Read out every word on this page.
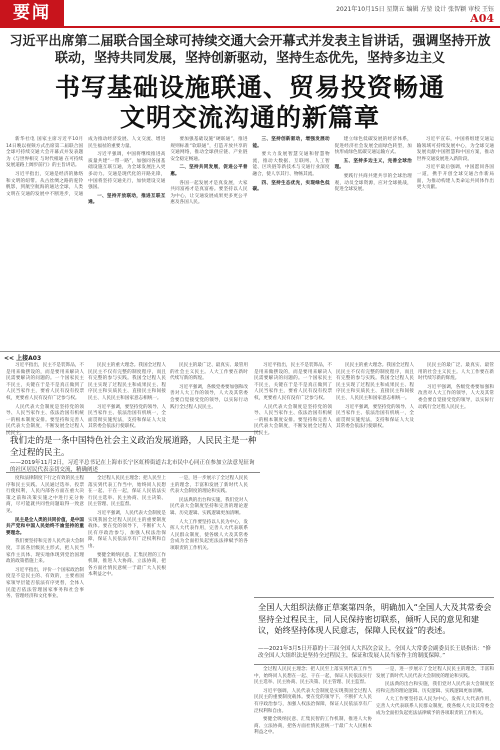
要闻	2021年10月15日 星期五 编辑 方堃 设计 张智颖 审校 王钰
A04
习近平出席第二届联合国全球可持续交通大会开幕式并发表主旨讲话，强调坚持开放联动，坚持共同发展，坚持创新驱动，坚持生态优先，坚持多边主义
书写基础设施联通、贸易投资畅通
文明交流沟通的新篇章

新华社电 国家主席习近平10月14日晚以视频方式出席第二届联合国全球可持续交通大会开幕式并发表题为《与世界相交 与时代相通 在可持续发展道路上阔步前行》的主旨讲话。

习近平指出，交通是经济的脉络和文明的纽带。从古丝绸之路的驼铃帆影，到航空航海的通达全球，人类文明在交通的发展中不断进步，交通成为推动经济发展、人文交流、增进民生福祉的重要力量。

习近平强调，中国将继续推进高质量共建“一带一路”，加强同各国基础设施互联互通，为全球发展注入更多动力。交通是现代化的开路先锋，中国将坚持交通先行，加快建设交通强国。

一、坚持开放联动，推进互联互通。

要加强基础设施“硬联通”，推进规则标准“软联通”，打造开放共享的交通网络，推动全球供应链、产业链安全稳定畅通。

二、坚持共同发展，促进公平普惠。

各国一起发展才是真发展，大家共同富裕才是真富裕。要坚持以人民为中心，让交通发展成果更多更公平惠及各国人民。

三、坚持创新驱动，增强发展动能。

要大力发展智慧交通和智慧物流，推动大数据、互联网、人工智能、区块链等新技术与交通行业深度融合，使人享其行、物畅其流。

四、坚持生态优先，实现绿色低碳。

建立绿色低碳发展的经济体系，促进经济社会发展全面绿色转型，加快形成绿色低碳交通运输方式。

五、坚持多边主义，完善全球治理。

要践行共商共建共享的全球治理观，动员全球资源，应对全球挑战，促进全球发展。

习近平宣布，中国将组建交通运输领域可持续发展中心，为全球交通发展贡献中国智慧和中国方案，推动世界交通发展进入新阶段。

习近平最后强调，中国愿同各国一道，携手开创全球交通合作新局面，为推动构建人类命运共同体作出更大贡献。

<< 上接A03

习近平指出，民主不是装饰品，不是用来做摆设的，而是要用来解决人民需要解决的问题的。一个国家民主不民主，关键在于是不是真正做到了人民当家作主，要看人民有没有投票权，更要看人民有没有广泛参与权。

人民代表大会制度是坚持党的领导、人民当家作主、依法治国有机统一的根本制度安排。要坚持和完善人民代表大会制度，不断发展全过程人民民主。

民民主的重大理念。我国全过程人民民主不仅有完整的制度程序，而且有完整的参与实践。我国全过程人民民主实现了过程民主和成果民主、程序民主和实质民主、直接民主和间接民主、人民民主和国家意志相统一。

习近平强调，要坚持党的领导、人民当家作主、依法治国有机统一，全面贯彻实施宪法，支持和保证人大及其常委会依法行使职权。

民民主的最广泛、最真实、最管用的社会主义民主。人大工作要在新时代续写新的辉煌。

习近平强调，各级党委要加强和改善对人大工作的领导，人大及其常委会要自觉接受党的领导，以实际行动践行全过程人民民主。

我们走的是一条中国特色社会主义政治发展道路，人民民主是一种全过程的民主。
——2019年11月2日，习近平总书记在上海市长宁区虹桥街道古北市民中心同正在参加立法意见征询的社区居民代表亲切交流，精确阐述

习近平指出，民主不是装饰品，不是用来做摆设的，而是要用来解决人民需要解决的问题的。一个国家民主不民主，关键在于是不是真正做到了人民当家作主，要看人民有没有投票权，更要看人民有没有广泛参与权。

人民代表大会制度是坚持党的领导、人民当家作主、依法治国有机统一的根本制度安排。要坚持和完善人民代表大会制度，不断发展全过程人民民主。

民民主的重大理念。我国全过程人民民主不仅有完整的制度程序，而且有完整的参与实践。我国全过程人民民主实现了过程民主和成果民主、程序民主和实质民主、直接民主和间接民主、人民民主和国家意志相统一。

习近平强调，要坚持党的领导、人民当家作主、依法治国有机统一，全面贯彻实施宪法，支持和保证人大及其常委会依法行使职权。

民民主的最广泛、最真实、最管用的社会主义民主。人大工作要在新时代续写新的辉煌。

习近平强调，各级党委要加强和改善对人大工作的领导，人大及其常委会要自觉接受党的领导，以实际行动践行全过程人民民主。

度和法律制度下行之有效的民主程序和民主实践。人民通过选举、投票行使权利，人民内部各方面在重大决策之前和决策实施之中进行充分协商，尽可能就共同性问题取得一致意见。

民主是全人类的共同价值，是中国共产党和中国人民始终不渝坚持的重要理念。

我们要坚持和完善人民代表大会制度，丰富各层级民主形式，把人民当家作主具体、现实地体现到党治国理政的政策措施上来。

习近平指出，评价一个国家政治制度是不是民主的、有效的，主要看国家领导层能否依法有序更替，全体人民能否依法管理国家事务和社会事务、管理经济和文化事业。

全过程人民民主理念；把人民至上落实到代表工作当中，始终同人民想在一起、干在一起，保证人民依法实行民主选举、民主协商、民主决策、民主管理、民主监督。

习近平强调，人民代表大会制度是实现我国全过程人民民主的重要制度载体。要在党的领导下，不断扩大人民有序政治参与，加强人权法治保障，保证人民依法享有广泛权利和自由。

要健全吸纳民意、汇集民智的工作机制，推进人大协商、立法协商，把各方面社情民意统一于最广大人民根本利益之中。

一是，进一步展示了全过程人民民主的理念，丰富和发展了新时代人民代表大会制度的理论和实践。

民法典的出台和实施，我们党对人民代表大会制度坚持和完善的理论逻辑、历史逻辑、实践逻辑更加清晰。

人大工作要坚持以人民为中心，发挥人大代表作用，完善人大代表联系人民群众制度，使各级人大及其常委会成为全面担负起宪法法律赋予的各项职责的工作机关。

全国人大组织法修正草案第四条，明确加入“全国人大及其常委会坚持全过程民主，同人民保持密切联系，倾听人民的意见和建议，始终坚持体现人民意志，保障人民权益”的表述。
——2021年3月5日开幕的十三届全国人大四次会议上，全国人大常委会副委员长王晨指出：“修改全国人大组织法是坚持全过程民主，保证和发展人民当家作主的制度保障。”

全过程人民民主理念；把人民至上落实到代表工作当中，始终同人民想在一起、干在一起，保证人民依法实行民主选举、民主协商、民主决策、民主管理、民主监督。

习近平强调，人民代表大会制度是实现我国全过程人民民主的重要制度载体。要在党的领导下，不断扩大人民有序政治参与，加强人权法治保障，保证人民依法享有广泛权利和自由。

要健全吸纳民意、汇集民智的工作机制，推进人大协商、立法协商，把各方面社情民意统一于最广大人民根本利益之中。

一是，进一步展示了全过程人民民主的理念，丰富和发展了新时代人民代表大会制度的理论和实践。

民法典的出台和实施，我们党对人民代表大会制度坚持和完善的理论逻辑、历史逻辑、实践逻辑更加清晰。

人大工作要坚持以人民为中心，发挥人大代表作用，完善人大代表联系人民群众制度，使各级人大及其常委会成为全面担负起宪法法律赋予的各项职责的工作机关。
